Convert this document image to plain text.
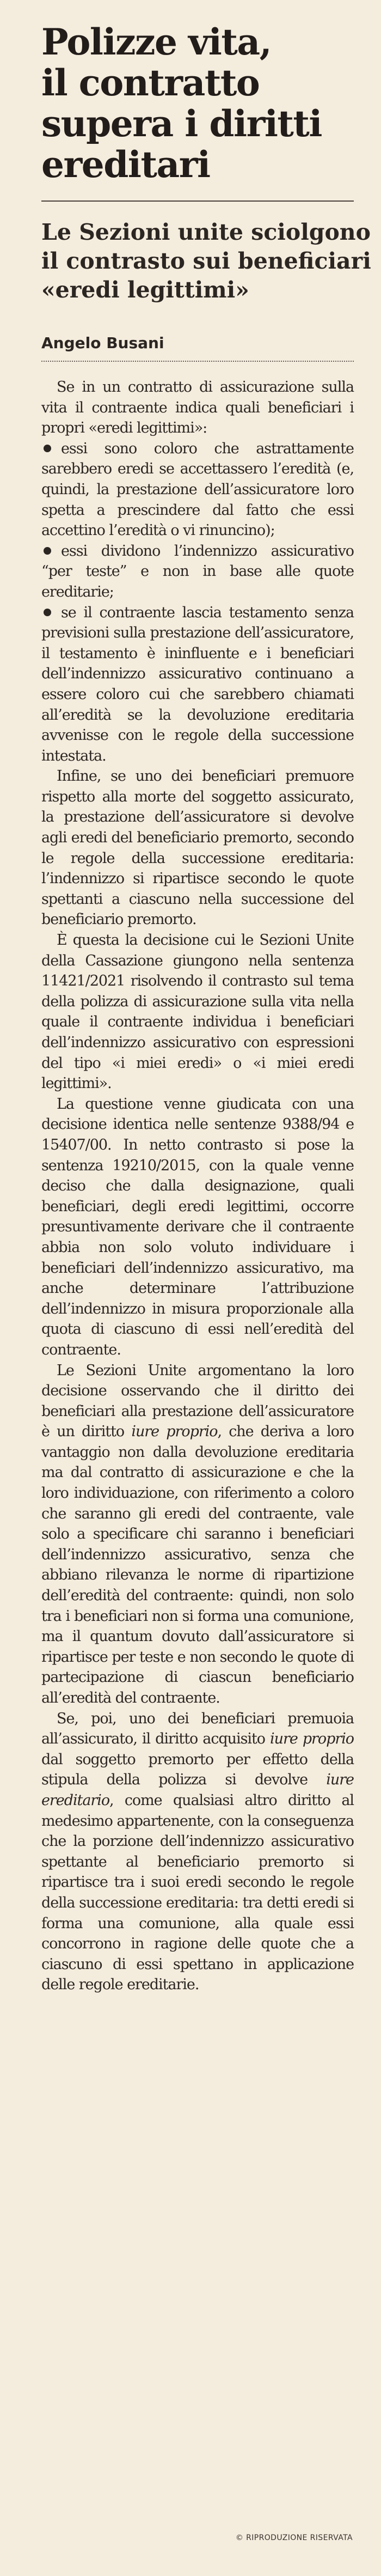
Polizze vita,
il contratto
supera i diritti
ereditari
Le Sezioni unite sciolgono
il contrasto sui beneficiari
«eredi legittimi»
Angelo Busani

Se in un contratto di assicurazione sulla vita il contraente indica quali beneficiari i propri «eredi legittimi»:

essi sono coloro che astrattamente sarebbero eredi se accettassero l’eredità (e, quindi, la prestazione dell’assicuratore loro spetta a prescindere dal fatto che essi accettino l’eredità o vi rinuncino);

essi dividono l’indennizzo assicurativo “per teste” e non in base alle quote ereditarie;

se il contraente lascia testamento senza previsioni sulla prestazione dell’assicuratore, il testamento è ininfluente e i beneficiari dell’indennizzo assicurativo continuano a essere coloro cui che sarebbero chiamati all’eredità se la devoluzione ereditaria avvenisse con le regole della successione intestata.

Infine, se uno dei beneficiari premuore rispetto alla morte del soggetto assicurato, la prestazione dell’assicuratore si devolve agli eredi del beneficiario premorto, secondo le regole della successione ereditaria: l’indennizzo si ripartisce secondo le quote spettanti a ciascuno nella successione del beneficiario premorto.

È questa la decisione cui le Sezioni Unite della Cassazione giungono nella sentenza 11421/2021 risolvendo il contrasto sul tema della polizza di assicurazione sulla vita nella quale il contraente individua i beneficiari dell’indennizzo assicurativo con espressioni del tipo «i miei eredi» o «i miei eredi legittimi».

La questione venne giudicata con una decisione identica nelle sentenze 9388/94 e 15407/00. In netto contrasto si pose la sentenza 19210/2015, con la quale venne deciso che dalla designazione, quali beneficiari, degli eredi legittimi, occorre presuntivamente derivare che il contraente abbia non solo voluto individuare i beneficiari dell’indennizzo assicurativo, ma anche determinare l’attribuzione dell’indennizzo in misura proporzionale alla quota di ciascuno di essi nell’eredità del contraente.

Le Sezioni Unite argomentano la loro decisione osservando che il diritto dei beneficiari alla prestazione dell’assicuratore è un diritto iure proprio, che deriva a loro vantaggio non dalla devoluzione ereditaria ma dal contratto di assicurazione e che la loro individuazione, con riferimento a coloro che saranno gli eredi del contraente, vale solo a specificare chi saranno i beneficiari dell’indennizzo assicurativo, senza che abbiano rilevanza le norme di ripartizione dell’eredità del contraente: quindi, non solo tra i beneficiari non si forma una comunione, ma il quantum dovuto dall’assicuratore si ripartisce per teste e non secondo le quote di partecipazione di ciascun beneficiario all’eredità del contraente.

Se, poi, uno dei beneficiari premuoia all’assicurato, il diritto acquisito iure proprio dal soggetto premorto per effetto della stipula della polizza si devolve iure ereditario, come qualsiasi altro diritto al medesimo appartenente, con la conseguenza che la porzione dell’indennizzo assicurativo spettante al beneficiario premorto si ripartisce tra i suoi eredi secondo le regole della successione ereditaria: tra detti eredi si forma una comunione, alla quale essi concorrono in ragione delle quote che a ciascuno di essi spettano in applicazione delle regole ereditarie.

© RIPRODUZIONE RISERVATA
